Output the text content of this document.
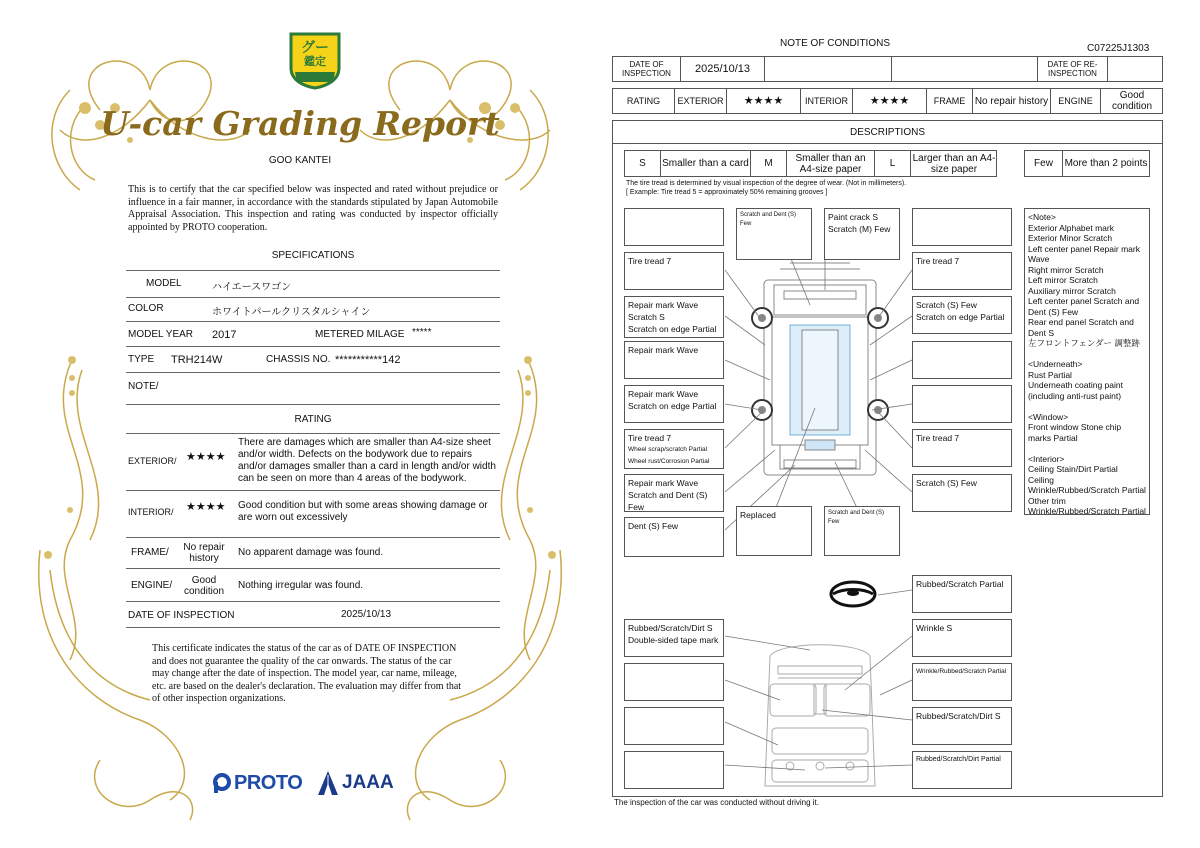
グー
鑑定
U-car Grading Report
GOO KANTEI
This is to certify that the car specified below was inspected and rated without prejudice or influence in a fair manner, in accordance with the standards stipulated by Japan Automobile Appraisal Association. This inspection and rating was conducted by inspector officially appointed by PROTO cooperation.
SPECIFICATIONS
MODEL	ハイエースワゴン
COLOR	ホワイトパールクリスタルシャイン
MODEL YEAR 2017	METERED MILAGE *****
TYPE TRH214W	CHASSIS NO. ***********142
NOTE/
RATING
EXTERIOR/ ★★★★
There are damages which are smaller than A4-size sheet and/or width. Defects on the bodywork due to repairs and/or damages smaller than a card in length and/or width can be seen on more than 4 areas of the bodywork.
INTERIOR/ ★★★★ Good condition but with some areas showing damage or are worn out excessively
FRAME/	No repair history
No apparent damage was found.
ENGINE/	Good condition
Nothing irregular was found.
DATE OF INSPECTION	2025/10/13
This certificate indicates the status of the car as of DATE OF INSPECTION and does not guarantee the quality of the car onwards. The status of the car may change after the date of inspection. The model year, car name, mileage, etc. are based on the dealer's declaration. The evaluation may differ from that of other inspection organizations.
PROTO JAAA
NOTE OF CONDITIONS	C07225J1303
DATE OF INSPECTION	2025/10/13	DATE OF RE-INSPECTION
RATING	EXTERIOR	★★★★	INTERIOR	★★★★	FRAME No repair history	ENGINE	Good condition
DESCRIPTIONS
S	Smaller than a card	M	Smaller than an A4-size paper	L	Larger than an A4-size paper	Few	More than 2 points
The tire tread is determined by visual inspection of the degree of wear. (Not in millimeters).
[ Example: Tire tread 5 = approximately 50% remaining grooves ]
Scratch and Dent (S) Few
Paint crack S
Scratch (M) Few
Tire tread 7	Tire tread 7
Repair mark Wave
Scratch S
Scratch on edge Partial
Scratch (S) Few
Scratch on edge Partial
Repair mark Wave
Repair mark Wave
Scratch on edge Partial
Tire tread 7
Wheel scrap/scratch Partial
Wheel rust/Corrosion Partial
Tire tread 7
Repair mark Wave
Scratch and Dent (S) Few
Scratch (S) Few
Dent (S) Few
Replaced	Scratch and Dent (S) Few
<Note>
Exterior Alphabet mark
Exterior Minor Scratch
Left center panel Repair mark Wave
Right mirror Scratch
Left mirror Scratch
Auxiliary mirror Scratch
Left center panel Scratch and Dent (S) Few
Rear end panel Scratch and Dent S
左フロントフェンダー 調整跡

<Underneath>
Rust Partial
Underneath coating paint (including anti-rust paint)

<Window>
Front window Stone chip marks Partial

<Interior>
Ceiling Stain/Dirt Partial
Ceiling Wrinkle/Rubbed/Scratch Partial
Other trim Wrinkle/Rubbed/Scratch Partial
Rubbed/Scratch Partial
Rubbed/Scratch/Dirt S
Double-sided tape mark
Wrinkle S
Wrinkle/Rubbed/Scratch Partial
Rubbed/Scratch/Dirt S
Rubbed/Scratch/Dirt Partial
The inspection of the car was conducted without driving it.
